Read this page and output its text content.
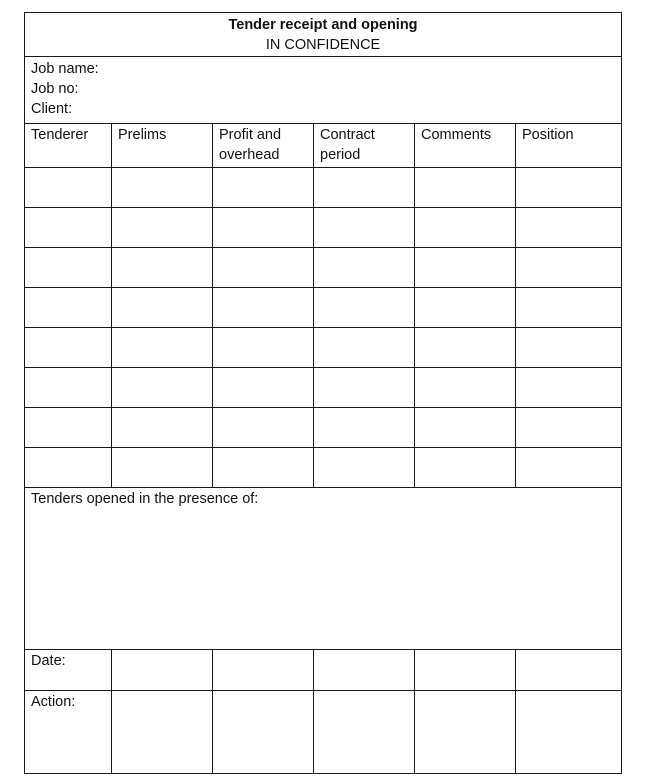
Tender receipt and opening
IN CONFIDENCE					

Job name:
Job no:
Client:					

Tenderer	Prelims	Profit and overhead	Contract period	Comments	Position

Tenders opened in the presence of:					
Date:					
Action:					
